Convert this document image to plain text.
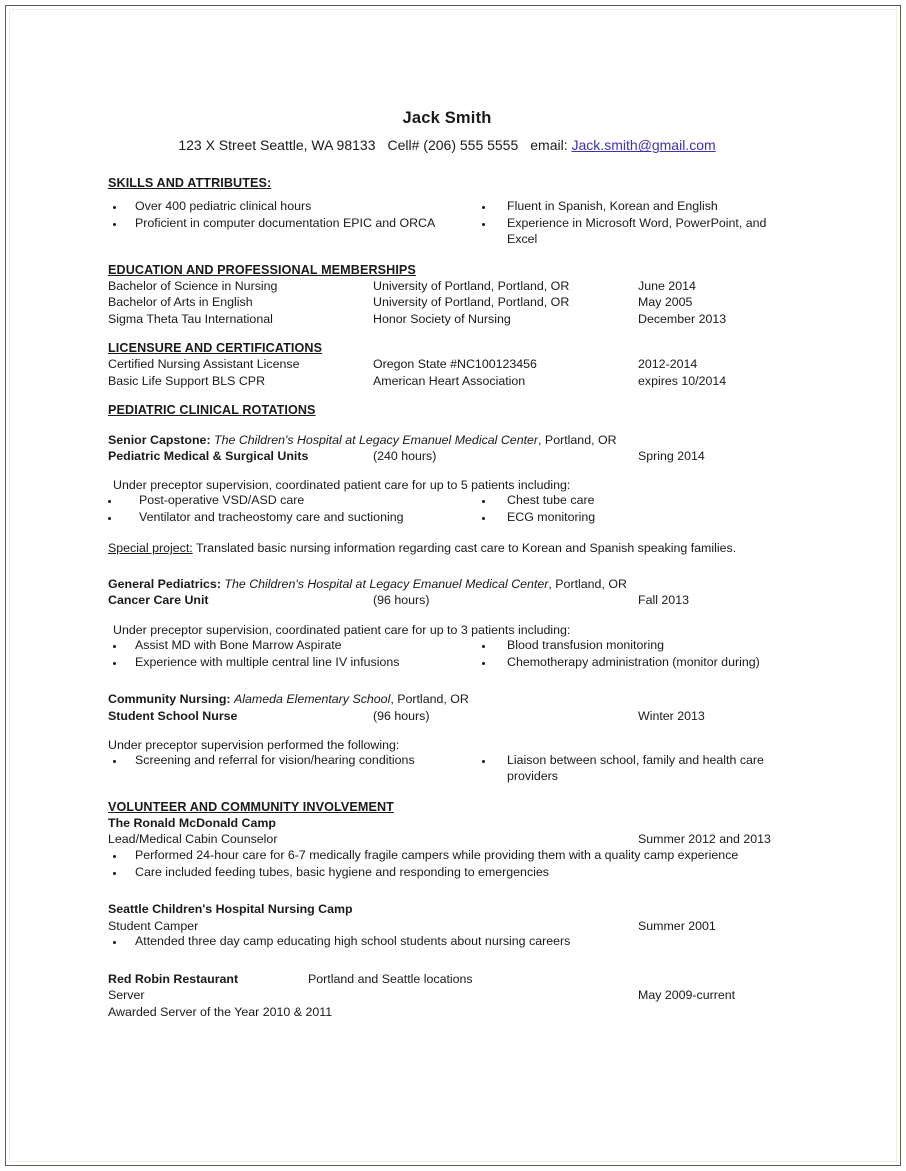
Jack Smith
123 X Street Seattle, WA 98133 Cell# (206) 555 5555 email: Jack.smith@gmail.com
SKILLS AND ATTRIBUTES:
Over 400 pediatric clinical hours
Proficient in computer documentation EPIC and ORCA
Fluent in Spanish, Korean and English
Experience in Microsoft Word, PowerPoint, and Excel
EDUCATION AND PROFESSIONAL MEMBERSHIPS
Bachelor of Science in Nursing	University of Portland, Portland, OR	June 2014
Bachelor of Arts in English	University of Portland, Portland, OR	May 2005
Sigma Theta Tau International	Honor Society of Nursing	December 2013
LICENSURE AND CERTIFICATIONS
Certified Nursing Assistant License	Oregon State #NC100123456	2012-2014
Basic Life Support BLS CPR	American Heart Association	expires 10/2014
PEDIATRIC CLINICAL ROTATIONS
Senior Capstone: The Children's Hospital at Legacy Emanuel Medical Center, Portland, OR
Pediatric Medical & Surgical Units	(240 hours)	Spring 2014
Under preceptor supervision, coordinated patient care for up to 5 patients including:
Post-operative VSD/ASD care
Ventilator and tracheostomy care and suctioning
Chest tube care
ECG monitoring
Special project: Translated basic nursing information regarding cast care to Korean and Spanish speaking families.
General Pediatrics: The Children's Hospital at Legacy Emanuel Medical Center, Portland, OR
Cancer Care Unit	(96 hours)	Fall 2013
Under preceptor supervision, coordinated patient care for up to 3 patients including:
Assist MD with Bone Marrow Aspirate
Experience with multiple central line IV infusions
Blood transfusion monitoring
Chemotherapy administration (monitor during)
Community Nursing: Alameda Elementary School, Portland, OR
Student School Nurse	(96 hours)	Winter 2013
Under preceptor supervision performed the following:
Screening and referral for vision/hearing conditions	Liaison between school, family and health care providers
VOLUNTEER AND COMMUNITY INVOLVEMENT
The Ronald McDonald Camp
Lead/Medical Cabin Counselor	Summer 2012 and 2013
Performed 24-hour care for 6-7 medically fragile campers while providing them with a quality camp experience
Care included feeding tubes, basic hygiene and responding to emergencies
Seattle Children's Hospital Nursing Camp
Student Camper	Summer 2001
Attended three day camp educating high school students about nursing careers
Red Robin Restaurant	Portland and Seattle locations
Server	May 2009-current
Awarded Server of the Year 2010 & 2011
